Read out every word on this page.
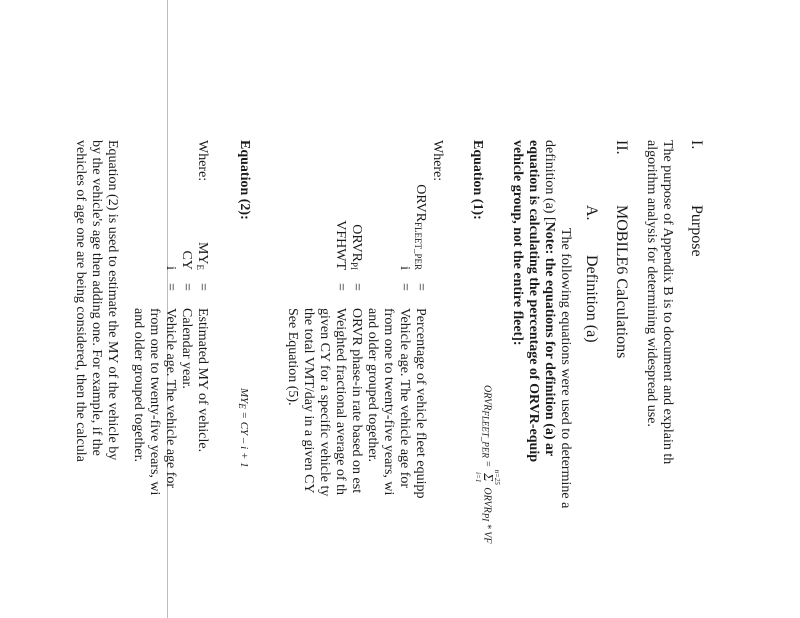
I.
Purpose
The purpose of Appendix B is to document and explain th
algorithm analysis for determining widespread use.
II.
MOBILE6 Calculations
A.
Definition (a)
The following equations were used to determine a
definition (a) [Note: the equations for definition (a) ar
equation is calculating the percentage of ORVR-equip
vehicle group, not the entire fleet]:
Equation (1):
ORVRFLEET_PER =
n=25
Σ
i=1
ORVRPI * VF
Where:
$ORVR_{FLEET\_PER}$
=
Percentage of vehicle fleet equipp
i
=
Vehicle age. The vehicle age for
from one to twenty-five years, wi
and older grouped together.
$ORVR_{PI}$
=
ORVR phase-in rate based on est
VFHWT
=
Weighted fractional average of th
given CY for a specific vehicle ty
the total VMT/day in a given CY
See Equation (5).
Equation (2):
$MY_E$ = CY – i + 1
Where:
$MY_E$
=
Estimated MY of vehicle.
CY
=
Calendar year.
i
=
Vehicle age. The vehicle age for
from one to twenty-five years, wi
and older grouped together.
Equation (2) is used to estimate the MY of the vehicle by
by the vehicle's age then adding one. For example, if the
vehicles of age one are being considered, then the calcula
